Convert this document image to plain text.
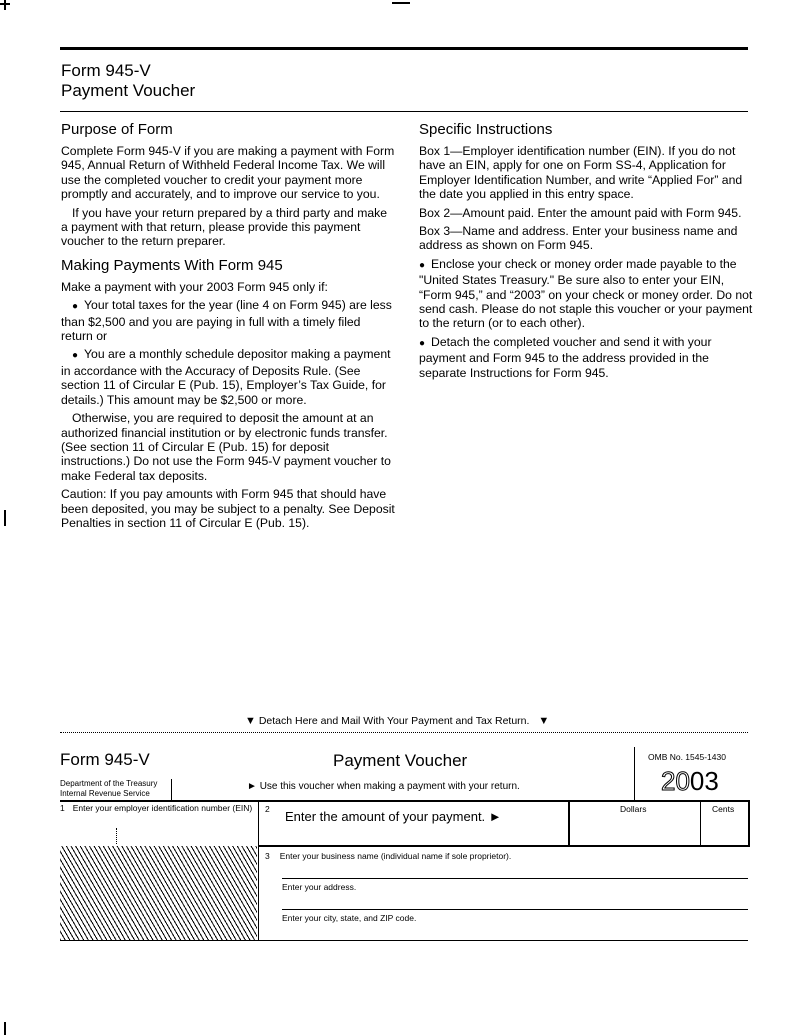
Form 945-V
Payment Voucher
Purpose of Form

Complete Form 945-V if you are making a payment with Form 945, Annual Return of Withheld Federal Income Tax. We will use the completed voucher to credit your payment more promptly and accurately, and to improve our service to you.

If you have your return prepared by a third party and make a payment with that return, please provide this payment voucher to the return preparer.

Making Payments With Form 945

Make a payment with your 2003 Form 945 only if:

● Your total taxes for the year (line 4 on Form 945) are less than $2,500 and you are paying in full with a timely filed return or

● You are a monthly schedule depositor making a payment in accordance with the Accuracy of Deposits Rule. (See section 11 of Circular E (Pub. 15), Employer’s Tax Guide, for details.) This amount may be $2,500 or more.

Otherwise, you are required to deposit the amount at an authorized financial institution or by electronic funds transfer. (See section 11 of Circular E (Pub. 15) for deposit instructions.) Do not use the Form 945-V payment voucher to make Federal tax deposits.

Caution: If you pay amounts with Form 945 that should have been deposited, you may be subject to a penalty. See Deposit Penalties in section 11 of Circular E (Pub. 15).

Specific Instructions

Box 1—Employer identification number (EIN). If you do not have an EIN, apply for one on Form SS-4, Application for Employer Identification Number, and write “Applied For” and the date you applied in this entry space.

Box 2—Amount paid. Enter the amount paid with Form 945.

Box 3—Name and address. Enter your business name and address as shown on Form 945.

● Enclose your check or money order made payable to the "United States Treasury." Be sure also to enter your EIN, “Form 945,” and “2003” on your check or money order. Do not send cash. Please do not staple this voucher or your payment to the return (or to each other).

● Detach the completed voucher and send it with your payment and Form 945 to the address provided in the separate Instructions for Form 945.

▼ Detach Here and Mail With Your Payment and Tax Return. ▼
Form 945-V
Department of the Treasury
Internal Revenue Service
Payment Voucher
► Use this voucher when making a payment with your return.
OMB No. 1545-1430
2003
1 Enter your employer identification number (EIN) 2 Enter the amount of your payment. ►	Dollars	Cents
3 Enter your business name (individual name if sole proprietor).
Enter your address.
Enter your city, state, and ZIP code.
